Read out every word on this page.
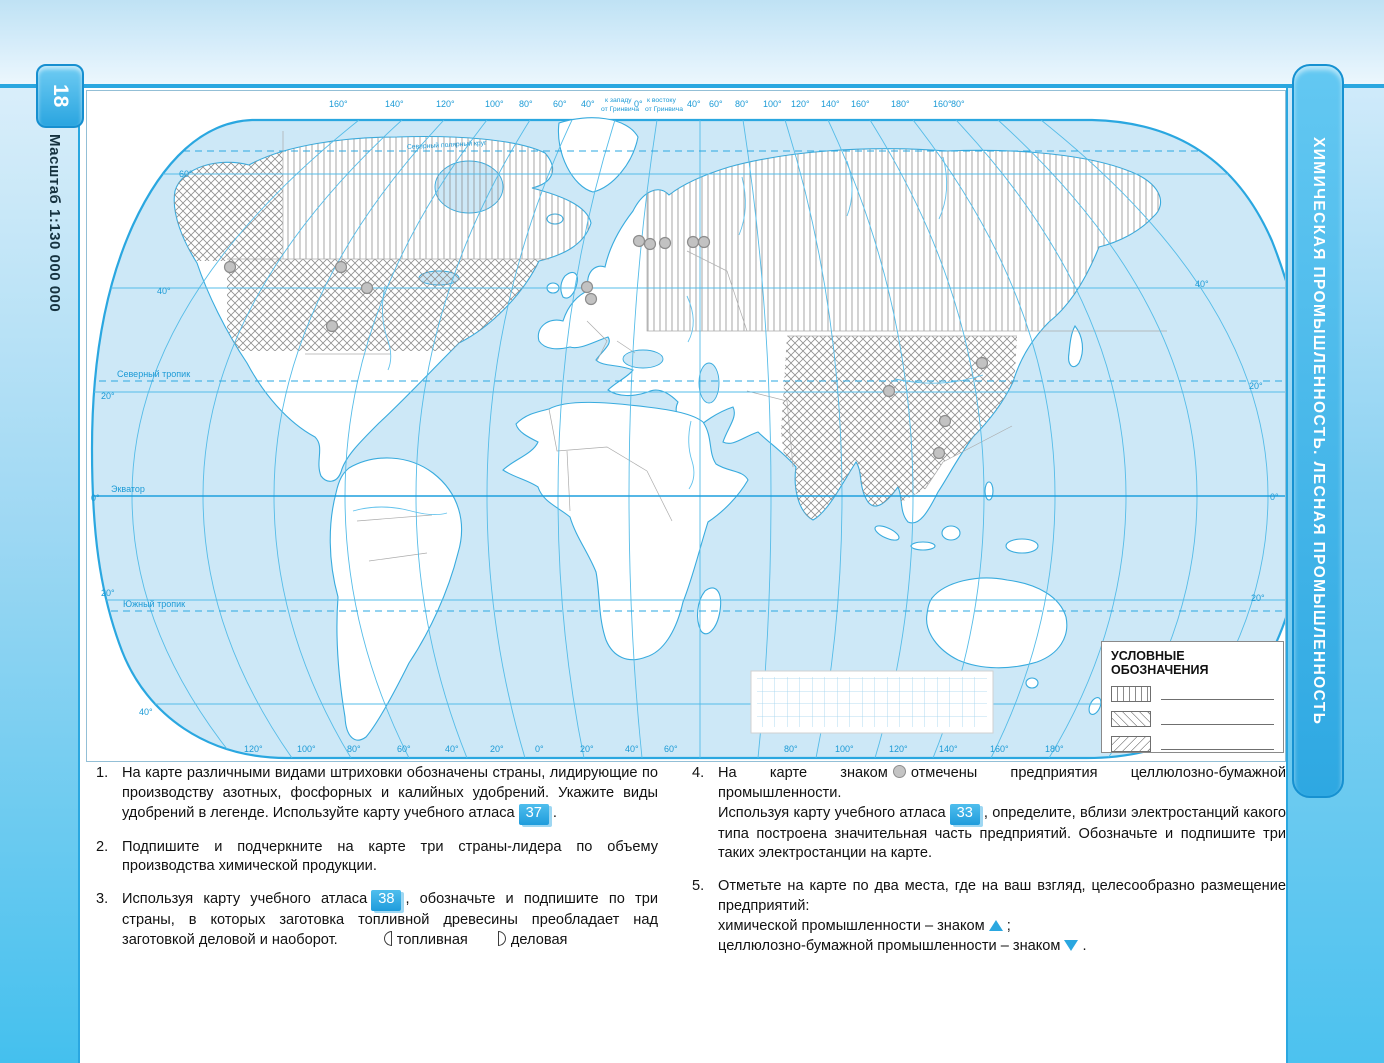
18
Масштаб 1:130 000 000	ХИМИЧЕСКАЯ ПРОМЫШЛЕННОСТЬ. ЛЕСНАЯ ПРОМЫШЛЕННОСТЬ
160°	140°	120°	100° 80° 60° 40° к западу
от Гринвича
0° к востоку
от Гринвича
40° 60° 80° 100° 120° 140° 160° 180°	160° 80°
120°	100°	80°	60°	40°	20°	0°	20°	40°	60°	80°	100°	120°	140°	160°	180°
60°
40°
20°
0°
20°
40°
40°
20°
0°
20°
Северный полярный круг
Северный тропик
Экватор
Южный тропик
УСЛОВНЫЕ ОБОЗНАЧЕНИЯ
1. На карте различными видами штриховки обозначены страны, лидирующие по производству азотных, фосфорных и калийных удобрений. Укажите виды удобрений в легенде. Используйте карту учебного атласа 37 .
2. Подпишите и подчеркните на карте три страны-лидера по объему производства химической продукции.
3. Используя карту учебного атласа 38 , обозначьте и подпишите по три страны, в которых заготовка топливной древесины преобладает над заготовкой деловой и наоборот.	топливная	деловая
4. На карте знаком отмечены предприятия целлюлозно-бумажной промышленности.
Используя карту учебного атласа 33 , определите, вблизи электростанций какого типа построена значительная часть предприятий. Обозначьте и подпишите три таких электростанции на карте.
5. Отметьте на карте по два места, где на ваш взгляд, целесообразно размещение предприятий:
химической промышленности – знаком ;
целлюлозно-бумажной промышленности – знаком .
